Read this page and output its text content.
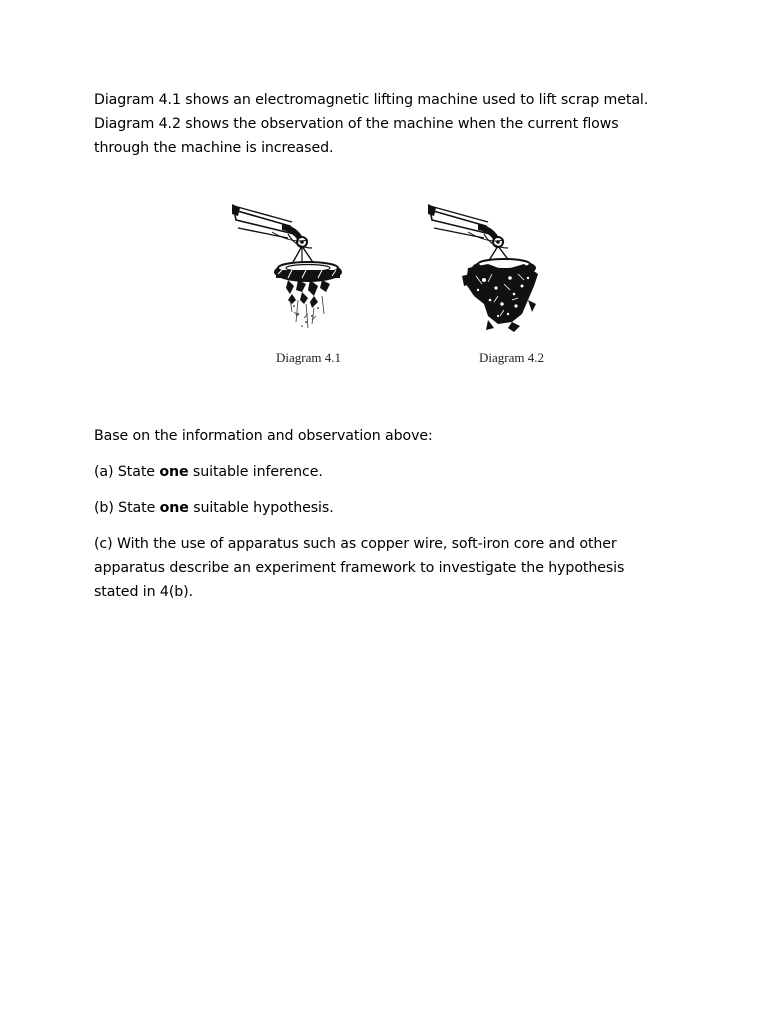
Diagram 4.1 shows an electromagnetic lifting machine used to lift scrap metal.
Diagram 4.2 shows the observation of the machine when the current flows
through the machine is increased.
Diagram 4.1	Diagram 4.2
Base on the information and observation above:
(a) State one suitable inference.
(b) State one suitable hypothesis.
(c) With the use of apparatus such as copper wire, soft-iron core and other
apparatus describe an experiment framework to investigate the hypothesis
stated in 4(b).
